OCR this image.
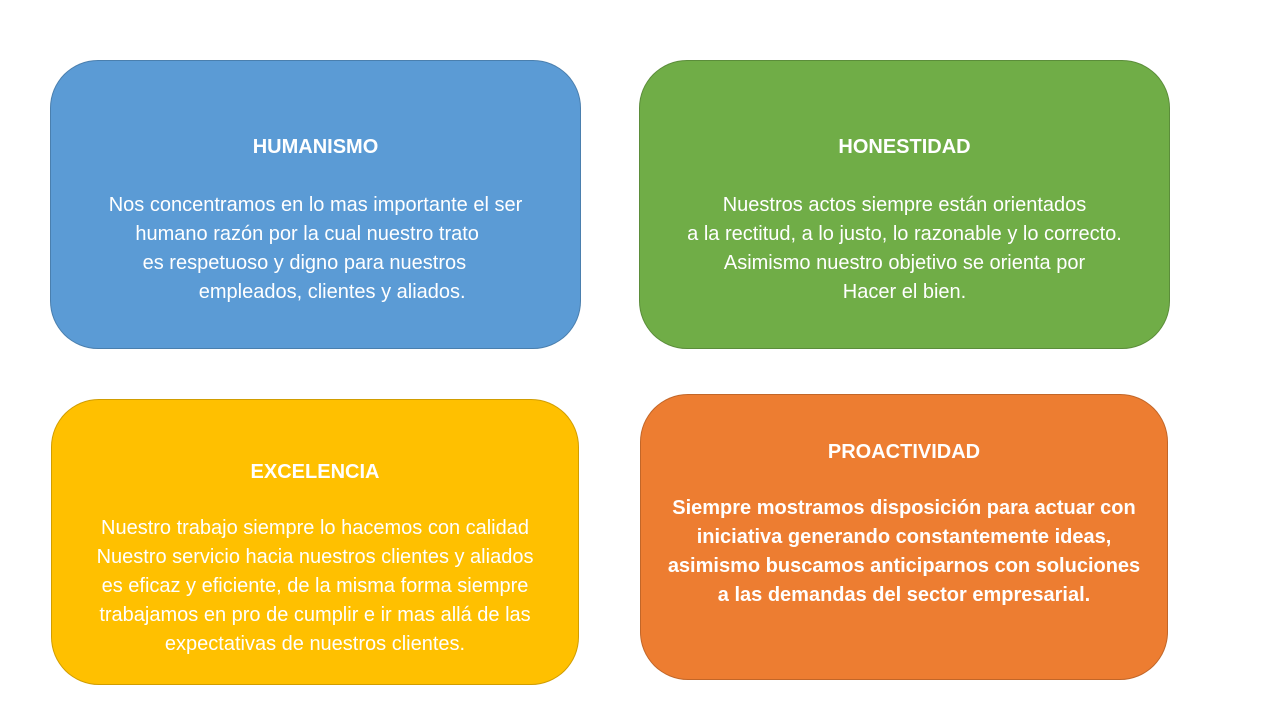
HUMANISMO
Nos concentramos en lo mas importante el ser
humano razón por la cual nuestro trato
es respetuoso y digno para nuestros
empleados, clientes y aliados.
HONESTIDAD
Nuestros actos siempre están orientados
a la rectitud, a lo justo, lo razonable y lo correcto.
Asimismo nuestro objetivo se orienta por
Hacer el bien.
EXCELENCIA
Nuestro trabajo siempre lo hacemos con calidad
Nuestro servicio hacia nuestros clientes y aliados
es eficaz y eficiente, de la misma forma siempre
trabajamos en pro de cumplir e ir mas allá de las
expectativas de nuestros clientes.
PROACTIVIDAD
Siempre mostramos disposición para actuar con
iniciativa generando constantemente ideas,
asimismo buscamos anticiparnos con soluciones
a las demandas del sector empresarial.
